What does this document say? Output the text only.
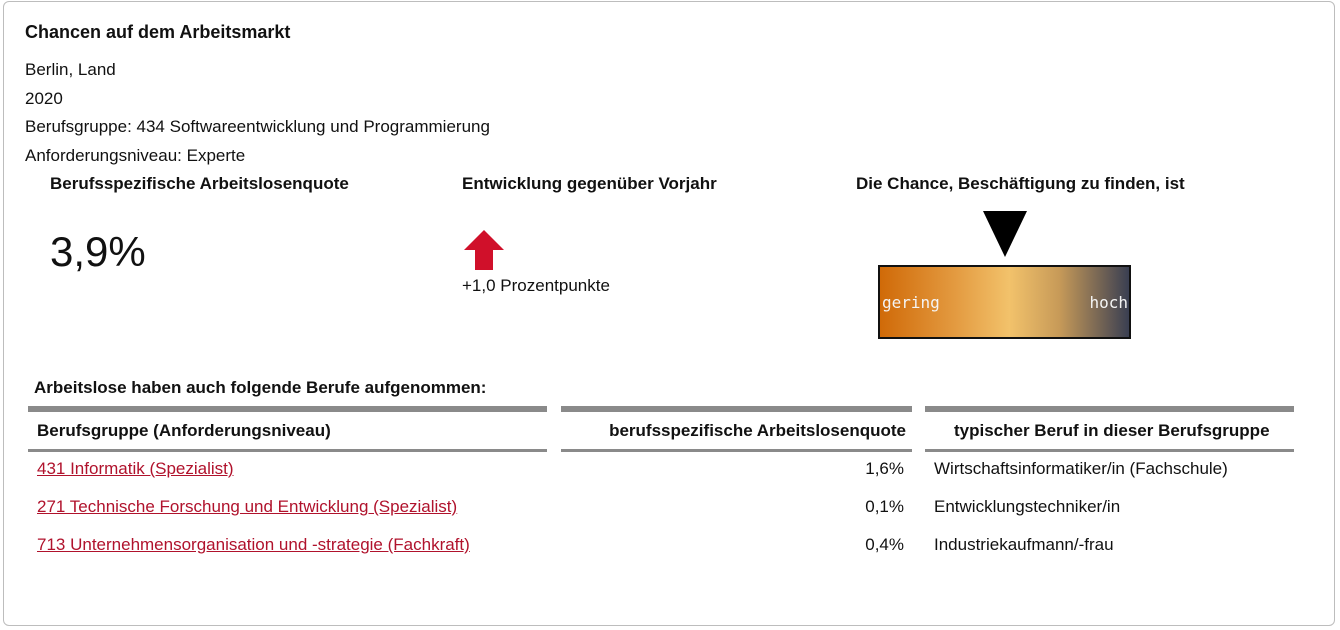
Chancen auf dem Arbeitsmarkt
Berlin, Land
2020
Berufsgruppe: 434 Softwareentwicklung und Programmierung
Anforderungsniveau: Experte
Berufsspezifische Arbeitslosenquote
3,9%
Entwicklung gegenüber Vorjahr
+1,0 Prozentpunkte
Die Chance, Beschäftigung zu finden, ist
gering	hoch
Arbeitslose haben auch folgende Berufe aufgenommen:
Berufsgruppe (Anforderungsniveau)	berufsspezifische Arbeitslosenquote	typischer Beruf in dieser Berufsgruppe
431 Informatik (Spezialist)	1,6% Wirtschaftsinformatiker/in (Fachschule)
271 Technische Forschung und Entwicklung (Spezialist)	0,1% Entwicklungstechniker/in
713 Unternehmensorganisation und -strategie (Fachkraft)	0,4% Industriekaufmann/-frau
